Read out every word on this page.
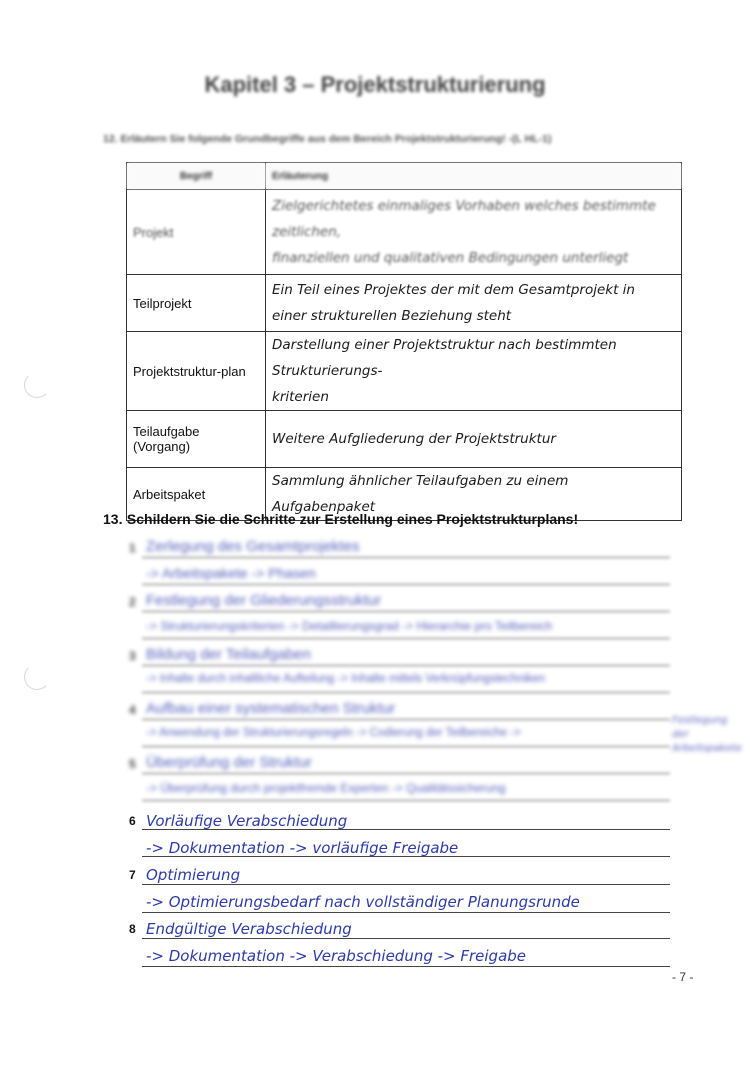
Kapitel 3 – Projektstrukturierung
12. Erläutern Sie folgende Grundbegriffe aus dem Bereich Projektstrukturierung! -(L HL-1)
Begriff	Erläuterung
Projekt	Zielgerichtetes einmaliges Vorhaben welches bestimmte zeitlichen,
finanziellen und qualitativen Bedingungen unterliegt

Teilprojekt	Ein Teil eines Projektes der mit dem Gesamtprojekt in
einer strukturellen Beziehung steht

Projektstruktur-plan	Darstellung einer Projektstruktur nach bestimmten Strukturierungs-
kriterien

Teilaufgabe (Vorgang)	Weitere Aufgliederung der Projektstruktur

Arbeitspaket	Sammlung ähnlicher Teilaufgaben zu einem Aufgabenpaket
13. Schildern Sie die Schritte zur Erstellung eines Projektstrukturplans!
1 Zerlegung des Gesamtprojektes
-> Arbeitspakete -> Phasen
2 Festlegung der Gliederungsstruktur
-> Strukturierungskriterien -> Detaillierungsgrad -> Hierarchie pro Teilbereich
3 Bildung der Teilaufgaben
-> Inhalte durch inhaltliche Aufteilung -> Inhalte mittels Verknüpfungstechniken
4 Aufbau einer systematischen Struktur
-> Anwendung der Strukturierungsregeln -> Codierung der Teilbereiche ->
Festlegung der Arbeitspakete
5 Überprüfung der Struktur
-> Überprüfung durch projektfremde Experten -> Qualitätssicherung
6 Vorläufige Verabschiedung
-> Dokumentation -> vorläufige Freigabe
7 Optimierung
-> Optimierungsbedarf nach vollständiger Planungsrunde
8 Endgültige Verabschiedung
-> Dokumentation -> Verabschiedung -> Freigabe
- 7 -
